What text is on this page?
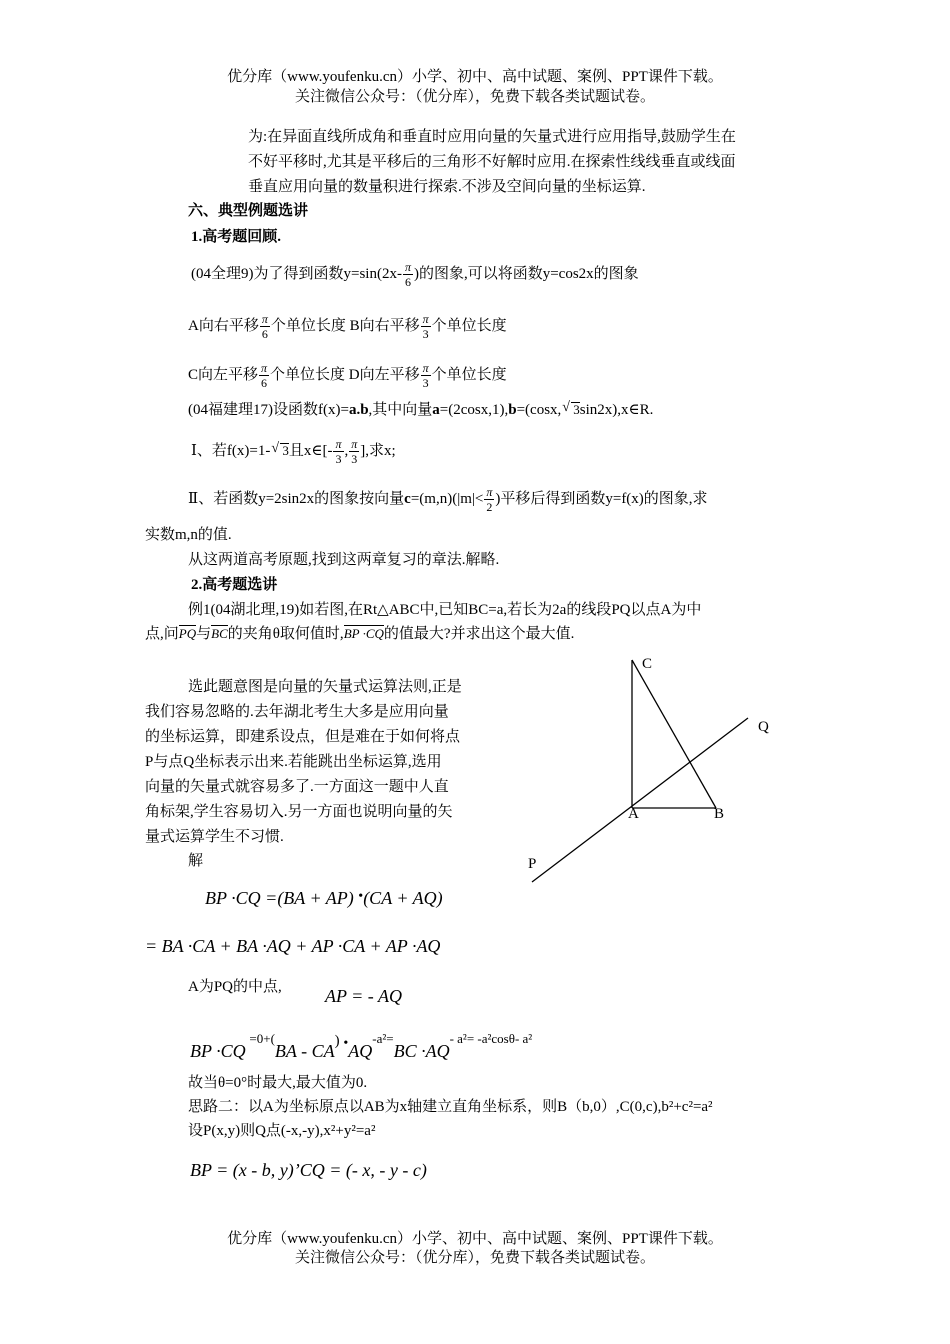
优分库（www.youfenku.cn）小学、初中、高中试题、案例、PPT课件下载。
关注微信公众号：（优分库），免费下载各类试题试卷。
为:在异面直线所成角和垂直时应用向量的矢量式进行应用指导,鼓励学生在
不好平移时,尤其是平移后的三角形不好解时应用.在探索性线线垂直或线面
垂直应用向量的数量积进行探索.不涉及空间向量的坐标运算.
六、典型例题选讲
1.高考题回顾.
(04全理9)为了得到函数$y=\sin(2x- \frac{\pi}{6}$ )的图象,可以将函数y=cos2x的图象
A向右平移 $\frac{\pi}{6}$ 个单位长度 B向右平移 $\frac{\pi}{3}$ 个单位长度
C向左平移 $\frac{\pi}{6}$ 个单位长度 D向左平移 $\frac{\pi}{3}$ 个单位长度
(04福建理17)设函数f(x)=a.b,其中向量a=(2cosx,1),b=(cosx, √ 3sin2x),x∈R.
Ⅰ、若f(x)=1- √ 3且x∈[- $\frac{\pi}{3}$ , $\frac{\pi}{3}$ ],求x;
Ⅱ、若函数y=2sin2x的图象按向量$c=(m,n)(|m|< \frac{\pi}{2}$ )平移后得到函数y=f(x)的图象,求
实数m,n的值.
从这两道高考原题,找到这两章复习的章法.解略.
2.高考题选讲
例1(04湖北理,19)如若图,在Rt△ABC中,已知BC=a,若长为2a的线段PQ以点A为中
点,问PQ与BC的夹角θ取何值时,BP ·CQ的值最大?并求出这个最大值.
选此题意图是向量的矢量式运算法则,正是
我们容易忽略的.去年湖北考生大多是应用向量
的坐标运算，即建系设点，但是难在于如何将点
P与点Q坐标表示出来.若能跳出坐标运算,选用
向量的矢量式就容易多了.一方面这一题中人直
角标架,学生容易切入.另一方面也说明向量的矢
量式运算学生不习惯.
解
C
Q
A	B
P
BP ·CQ =(BA + AP) •(CA + AQ)
= BA ·CA + BA ·AQ + AP ·CA + AP ·AQ
A为PQ的中点, AP = - AQ
BP ·CQ =0+(BA - CA) •AQ-a²=BC ·AQ- a²= -a²cosθ- a²
故当θ=0°时最大,最大值为0.
思路二：以A为坐标原点以AB为x轴建立直角坐标系，则B（b,0）,C(0,c),b²+c²=a²
设P(x,y)则Q点(-x,-y),x²+y²=a²
BP = (x - b, y)’CQ = (- x, - y - c)
优分库（www.youfenku.cn）小学、初中、高中试题、案例、PPT课件下载。
关注微信公众号：（优分库），免费下载各类试题试卷。
